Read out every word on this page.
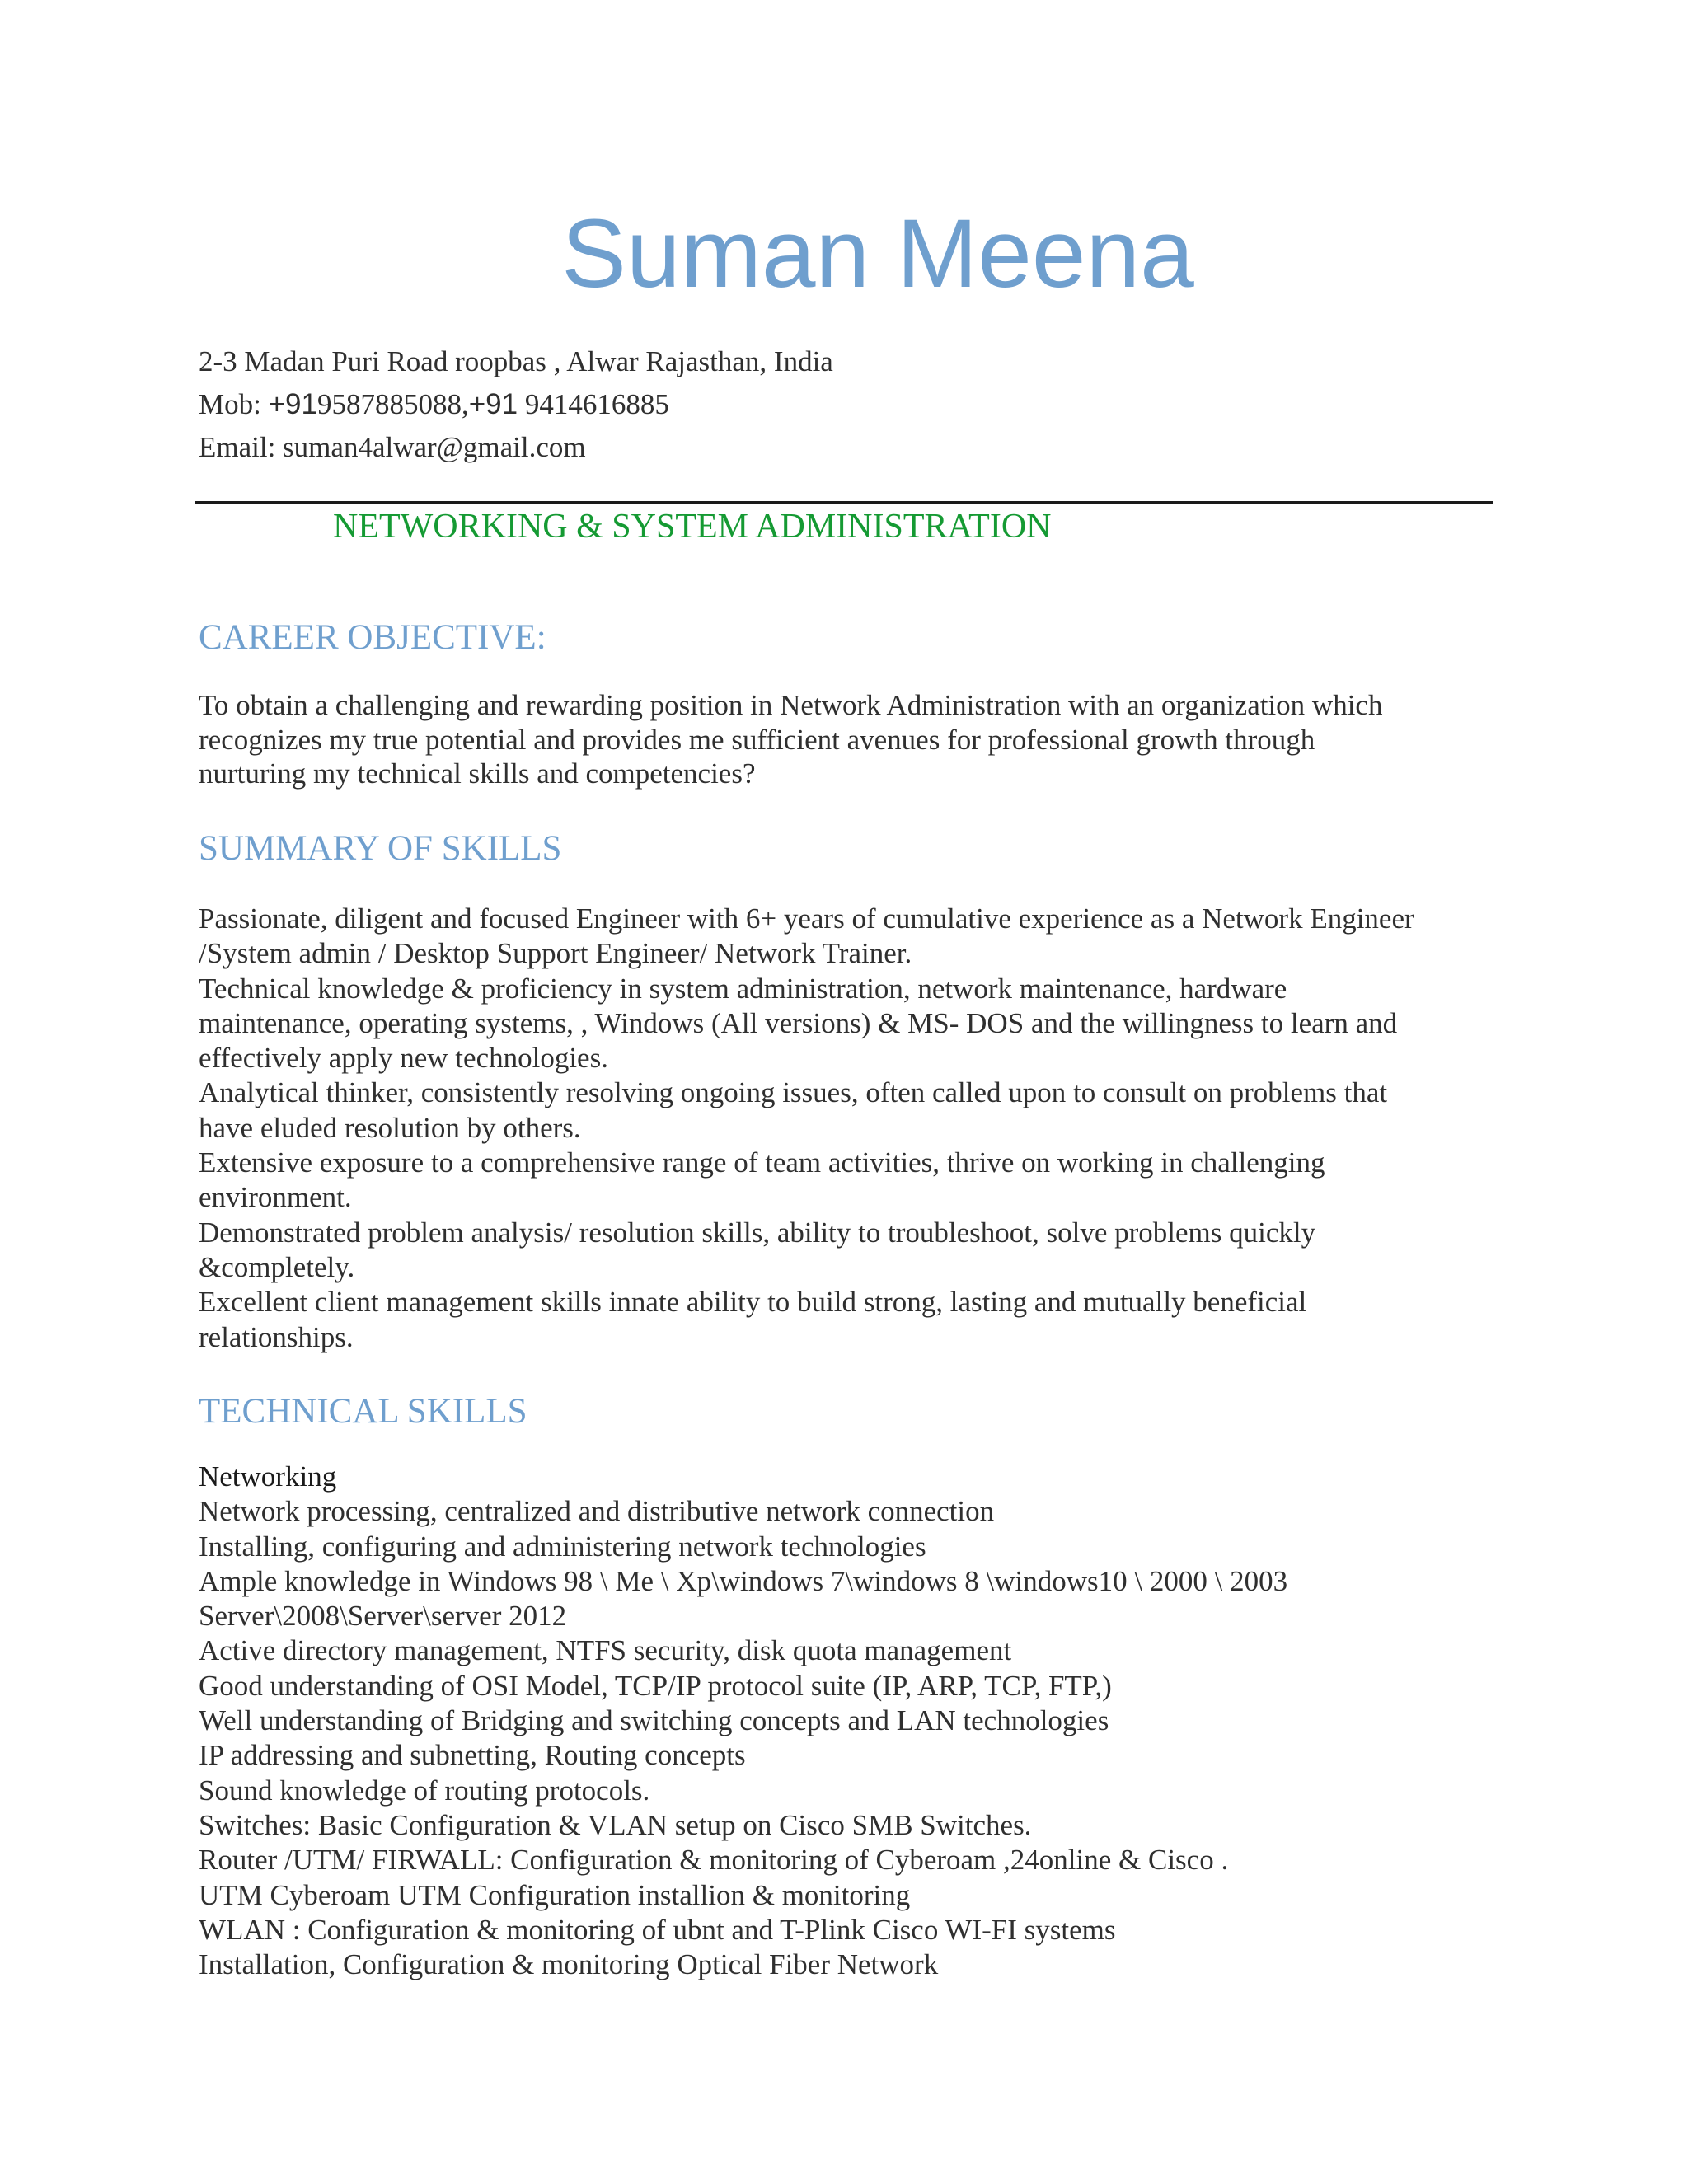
Suman Meena
2-3 Madan Puri Road roopbas , Alwar Rajasthan, India
Mob: +919587885088,+91 9414616885
Email: suman4alwar@gmail.com
NETWORKING & SYSTEM ADMINISTRATION
CAREER OBJECTIVE:
To obtain a challenging and rewarding position in Network Administration with an organization which
recognizes my true potential and provides me sufficient avenues for professional growth through
nurturing my technical skills and competencies?
SUMMARY OF SKILLS
Passionate, diligent and focused Engineer with 6+ years of cumulative experience as a Network Engineer
/System admin / Desktop Support Engineer/ Network Trainer.
Technical knowledge & proficiency in system administration, network maintenance, hardware
maintenance, operating systems, , Windows (All versions) & MS- DOS and the willingness to learn and
effectively apply new technologies.
Analytical thinker, consistently resolving ongoing issues, often called upon to consult on problems that
have eluded resolution by others.
Extensive exposure to a comprehensive range of team activities, thrive on working in challenging
environment.
Demonstrated problem analysis/ resolution skills, ability to troubleshoot, solve problems quickly
&completely.
Excellent client management skills innate ability to build strong, lasting and mutually beneficial
relationships.
TECHNICAL SKILLS
Networking
Network processing, centralized and distributive network connection
Installing, configuring and administering network technologies
Ample knowledge in Windows 98 \ Me \ Xp\windows 7\windows 8 \windows10 \ 2000 \ 2003
Server\2008\Server\server 2012
Active directory management, NTFS security, disk quota management
Good understanding of OSI Model, TCP/IP protocol suite (IP, ARP, TCP, FTP,)
Well understanding of Bridging and switching concepts and LAN technologies
IP addressing and subnetting, Routing concepts
Sound knowledge of routing protocols.
Switches: Basic Configuration & VLAN setup on Cisco SMB Switches.
Router /UTM/ FIRWALL: Configuration & monitoring of Cyberoam ,24online & Cisco .
UTM Cyberoam UTM Configuration installion & monitoring
WLAN : Configuration & monitoring of ubnt and T-Plink Cisco WI-FI systems
Installation, Configuration & monitoring Optical Fiber Network
